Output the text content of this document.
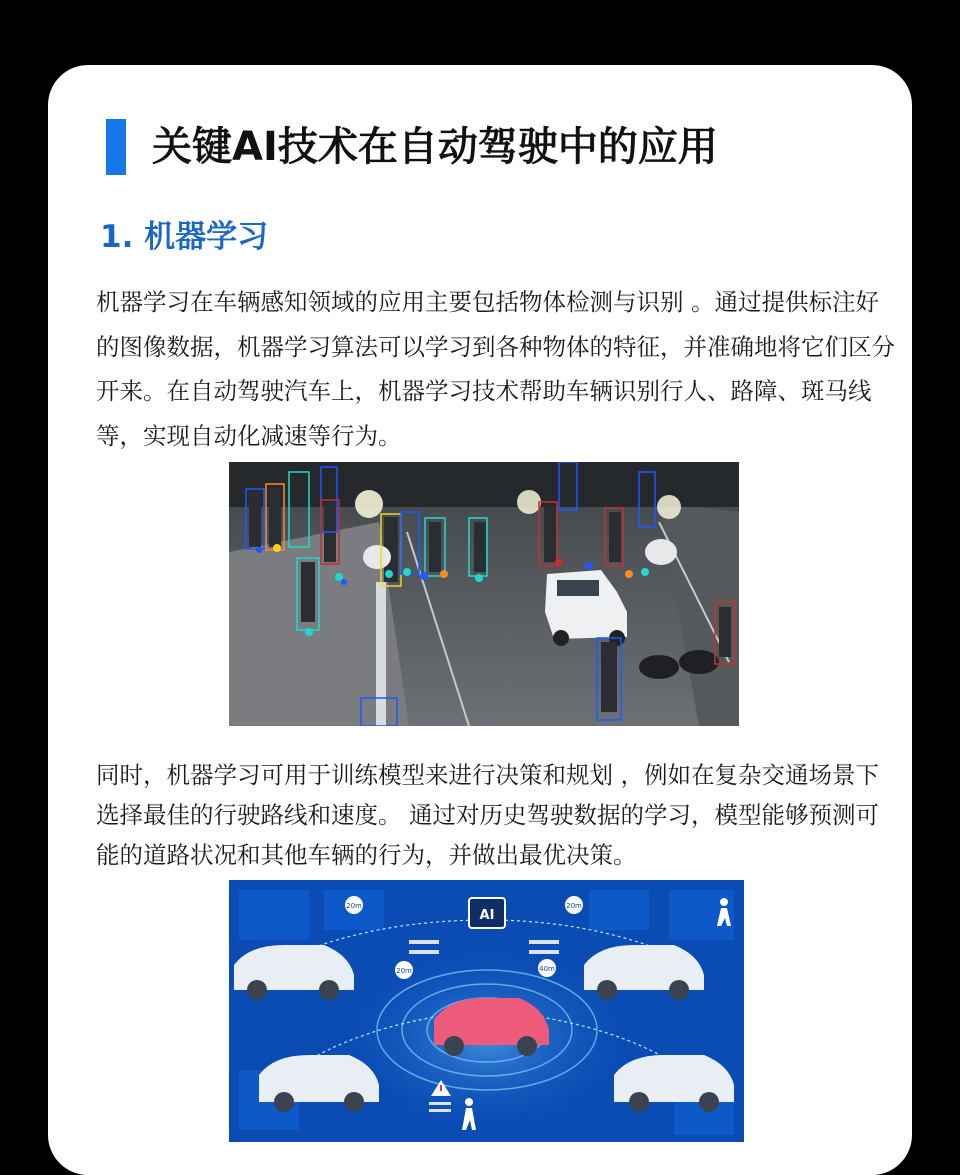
关键AI技术在自动驾驶中的应用
1. 机器学习

机器学习在车辆感知领域的应用主要包括物体检测与识别 。通过提供标注好的图像数据，机器学习算法可以学习到各种物体的特征，并准确地将它们区分开来。在自动驾驶汽车上，机器学习技术帮助车辆识别行人、路障、斑马线等，实现自动化减速等行为。

同时，机器学习可用于训练模型来进行决策和规划 ，例如在复杂交通场景下选择最佳的行驶路线和速度。 通过对历史驾驶数据的学习，模型能够预测可能的道路状况和其他车辆的行为，并做出最优决策。

AI
20m	20m
20m	40m
